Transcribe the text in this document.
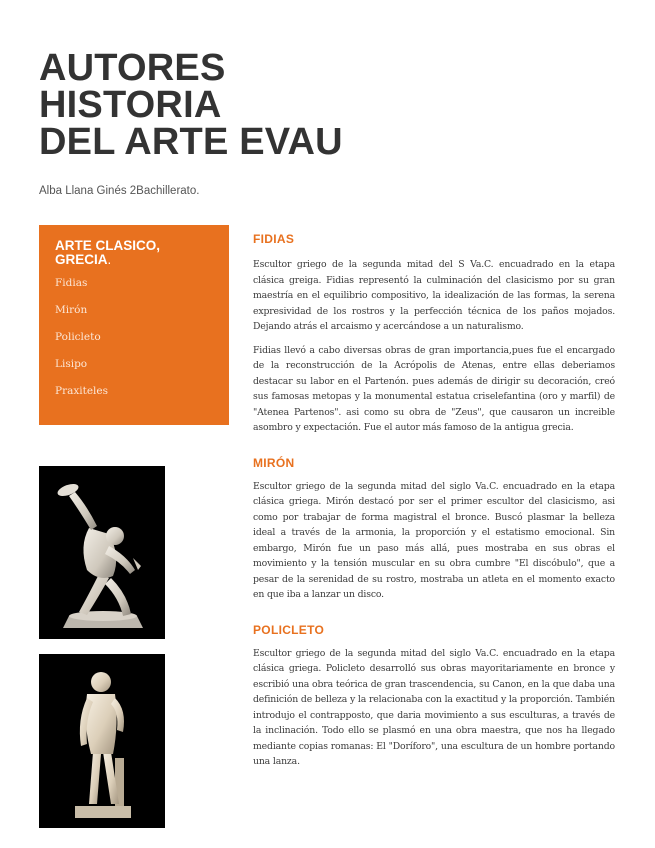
AUTORES
HISTORIA
DEL ARTE EVAU
Alba Llana Ginés 2Bachillerato.
ARTE CLASICO, GRECIA.
Fidias
Mirón
Policleto
Lisipo
Praxiteles
FIDIAS

Escultor griego de la segunda mitad del S Va.C. encuadrado en la etapa clásica greiga. Fidias representó la culminación del clasicismo por su gran maestría en el equilibrio compositivo, la idealización de las formas, la serena expresividad de los rostros y la perfección técnica de los paños mojados. Dejando atrás el arcaismo y acercándose a un naturalismo.

Fidias llevó a cabo diversas obras de gran importancia,pues fue el encargado de la reconstrucción de la Acrópolis de Atenas, entre ellas deberiamos destacar su labor en el Partenón. pues además de dirigir su decoración, creó sus famosas metopas y la monumental estatua criselefantina (oro y marfil) de "Atenea Partenos". asi como su obra de "Zeus", que causaron un increible asombro y expectación. Fue el autor más famoso de la antigua grecia.

MIRÓN

Escultor griego de la segunda mitad del siglo Va.C. encuadrado en la etapa clásica griega. Mirón destacó por ser el primer escultor del clasicismo, asi como por trabajar de forma magistral el bronce. Buscó plasmar la belleza ideal a través de la armonia, la proporción y el estatismo emocional. Sin embargo, Mirón fue un paso más allá, pues mostraba en sus obras el movimiento y la tensión muscular en su obra cumbre "El discóbulo", que a pesar de la serenidad de su rostro, mostraba un atleta en el momento exacto en que iba a lanzar un disco.

POLICLETO

Escultor griego de la segunda mitad del siglo Va.C. encuadrado en la etapa clásica griega. Policleto desarrolló sus obras mayoritariamente en bronce y escribió una obra teórica de gran trascendencia, su Canon, en la que daba una definición de belleza y la relacionaba con la exactitud y la proporción. También introdujo el contrapposto, que daria movimiento a sus esculturas, a través de la inclinación. Todo ello se plasmó en una obra maestra, que nos ha llegado mediante copias romanas: El "Doríforo", una escultura de un hombre portando una lanza.
